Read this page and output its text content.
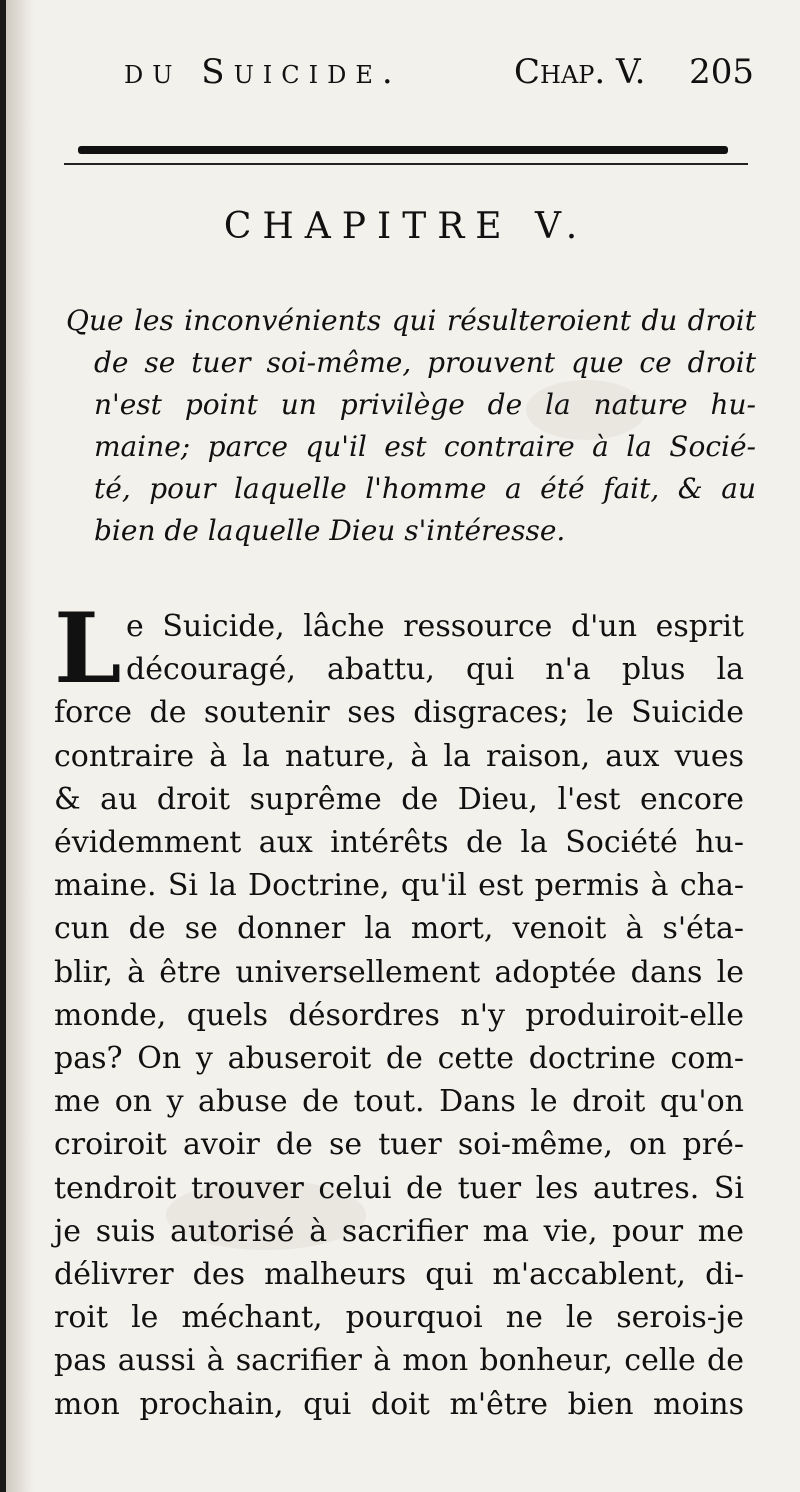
du Suicide.	Chap. V. 205
CHAPITRE V.
Que les inconvénients qui résulteroient du droit
de se tuer soi-même, prouvent que ce droit
n'est point un privilège de la nature hu-
maine; parce qu'il est contraire à la Socié-
té, pour laquelle l'homme a été fait, & au
bien de laquelle Dieu s'intéresse.
L e Suicide, lâche ressource d'un esprit
découragé, abattu, qui n'a plus la
force de soutenir ses disgraces; le Suicide
contraire à la nature, à la raison, aux vues
& au droit suprême de Dieu, l'est encore
évidemment aux intérêts de la Société hu-
maine. Si la Doctrine, qu'il est permis à cha-
cun de se donner la mort, venoit à s'éta-
blir, à être universellement adoptée dans le
monde, quels désordres n'y produiroit-elle
pas? On y abuseroit de cette doctrine com-
me on y abuse de tout. Dans le droit qu'on
croiroit avoir de se tuer soi-même, on pré-
tendroit trouver celui de tuer les autres. Si
je suis autorisé à sacrifier ma vie, pour me
délivrer des malheurs qui m'accablent, di-
roit le méchant, pourquoi ne le serois-je
pas aussi à sacrifier à mon bonheur, celle de
mon prochain, qui doit m'être bien moins
